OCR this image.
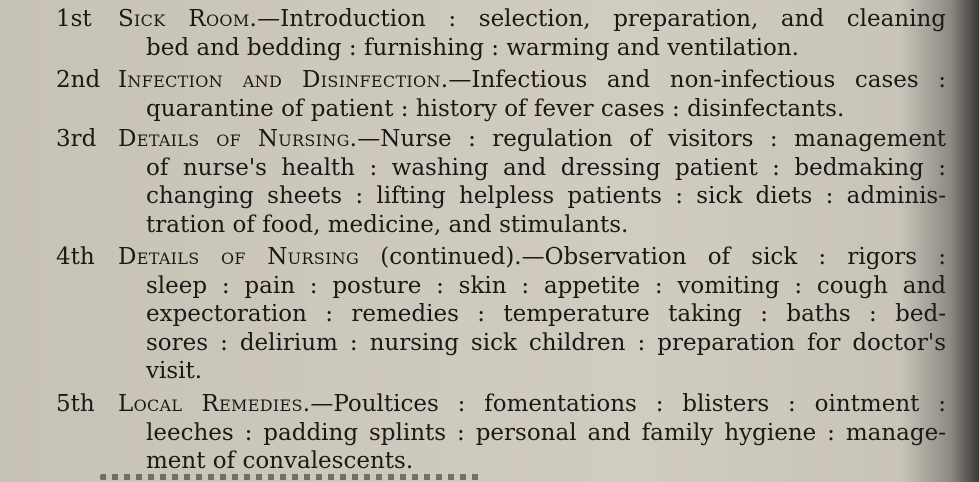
1st Sick Room.—Introduction : selection, preparation, and cleaning
bed and bedding : furnishing : warming and ventilation.
2nd Infection and Disinfection.—Infectious and non-infectious cases :
quarantine of patient : history of fever cases : disinfectants.
3rd Details of Nursing.—Nurse : regulation of visitors : management
of nurse's health : washing and dressing patient : bedmaking :
changing sheets : lifting helpless patients : sick diets : adminis-
tration of food, medicine, and stimulants.
4th Details of Nursing (continued).—Observation of sick : rigors :
sleep : pain : posture : skin : appetite : vomiting : cough and
expectoration : remedies : temperature taking : baths : bed-
sores : delirium : nursing sick children : preparation for doctor's
visit.
5th Local Remedies.—Poultices : fomentations : blisters : ointment :
leeches : padding splints : personal and family hygiene : manage-
ment of convalescents.
